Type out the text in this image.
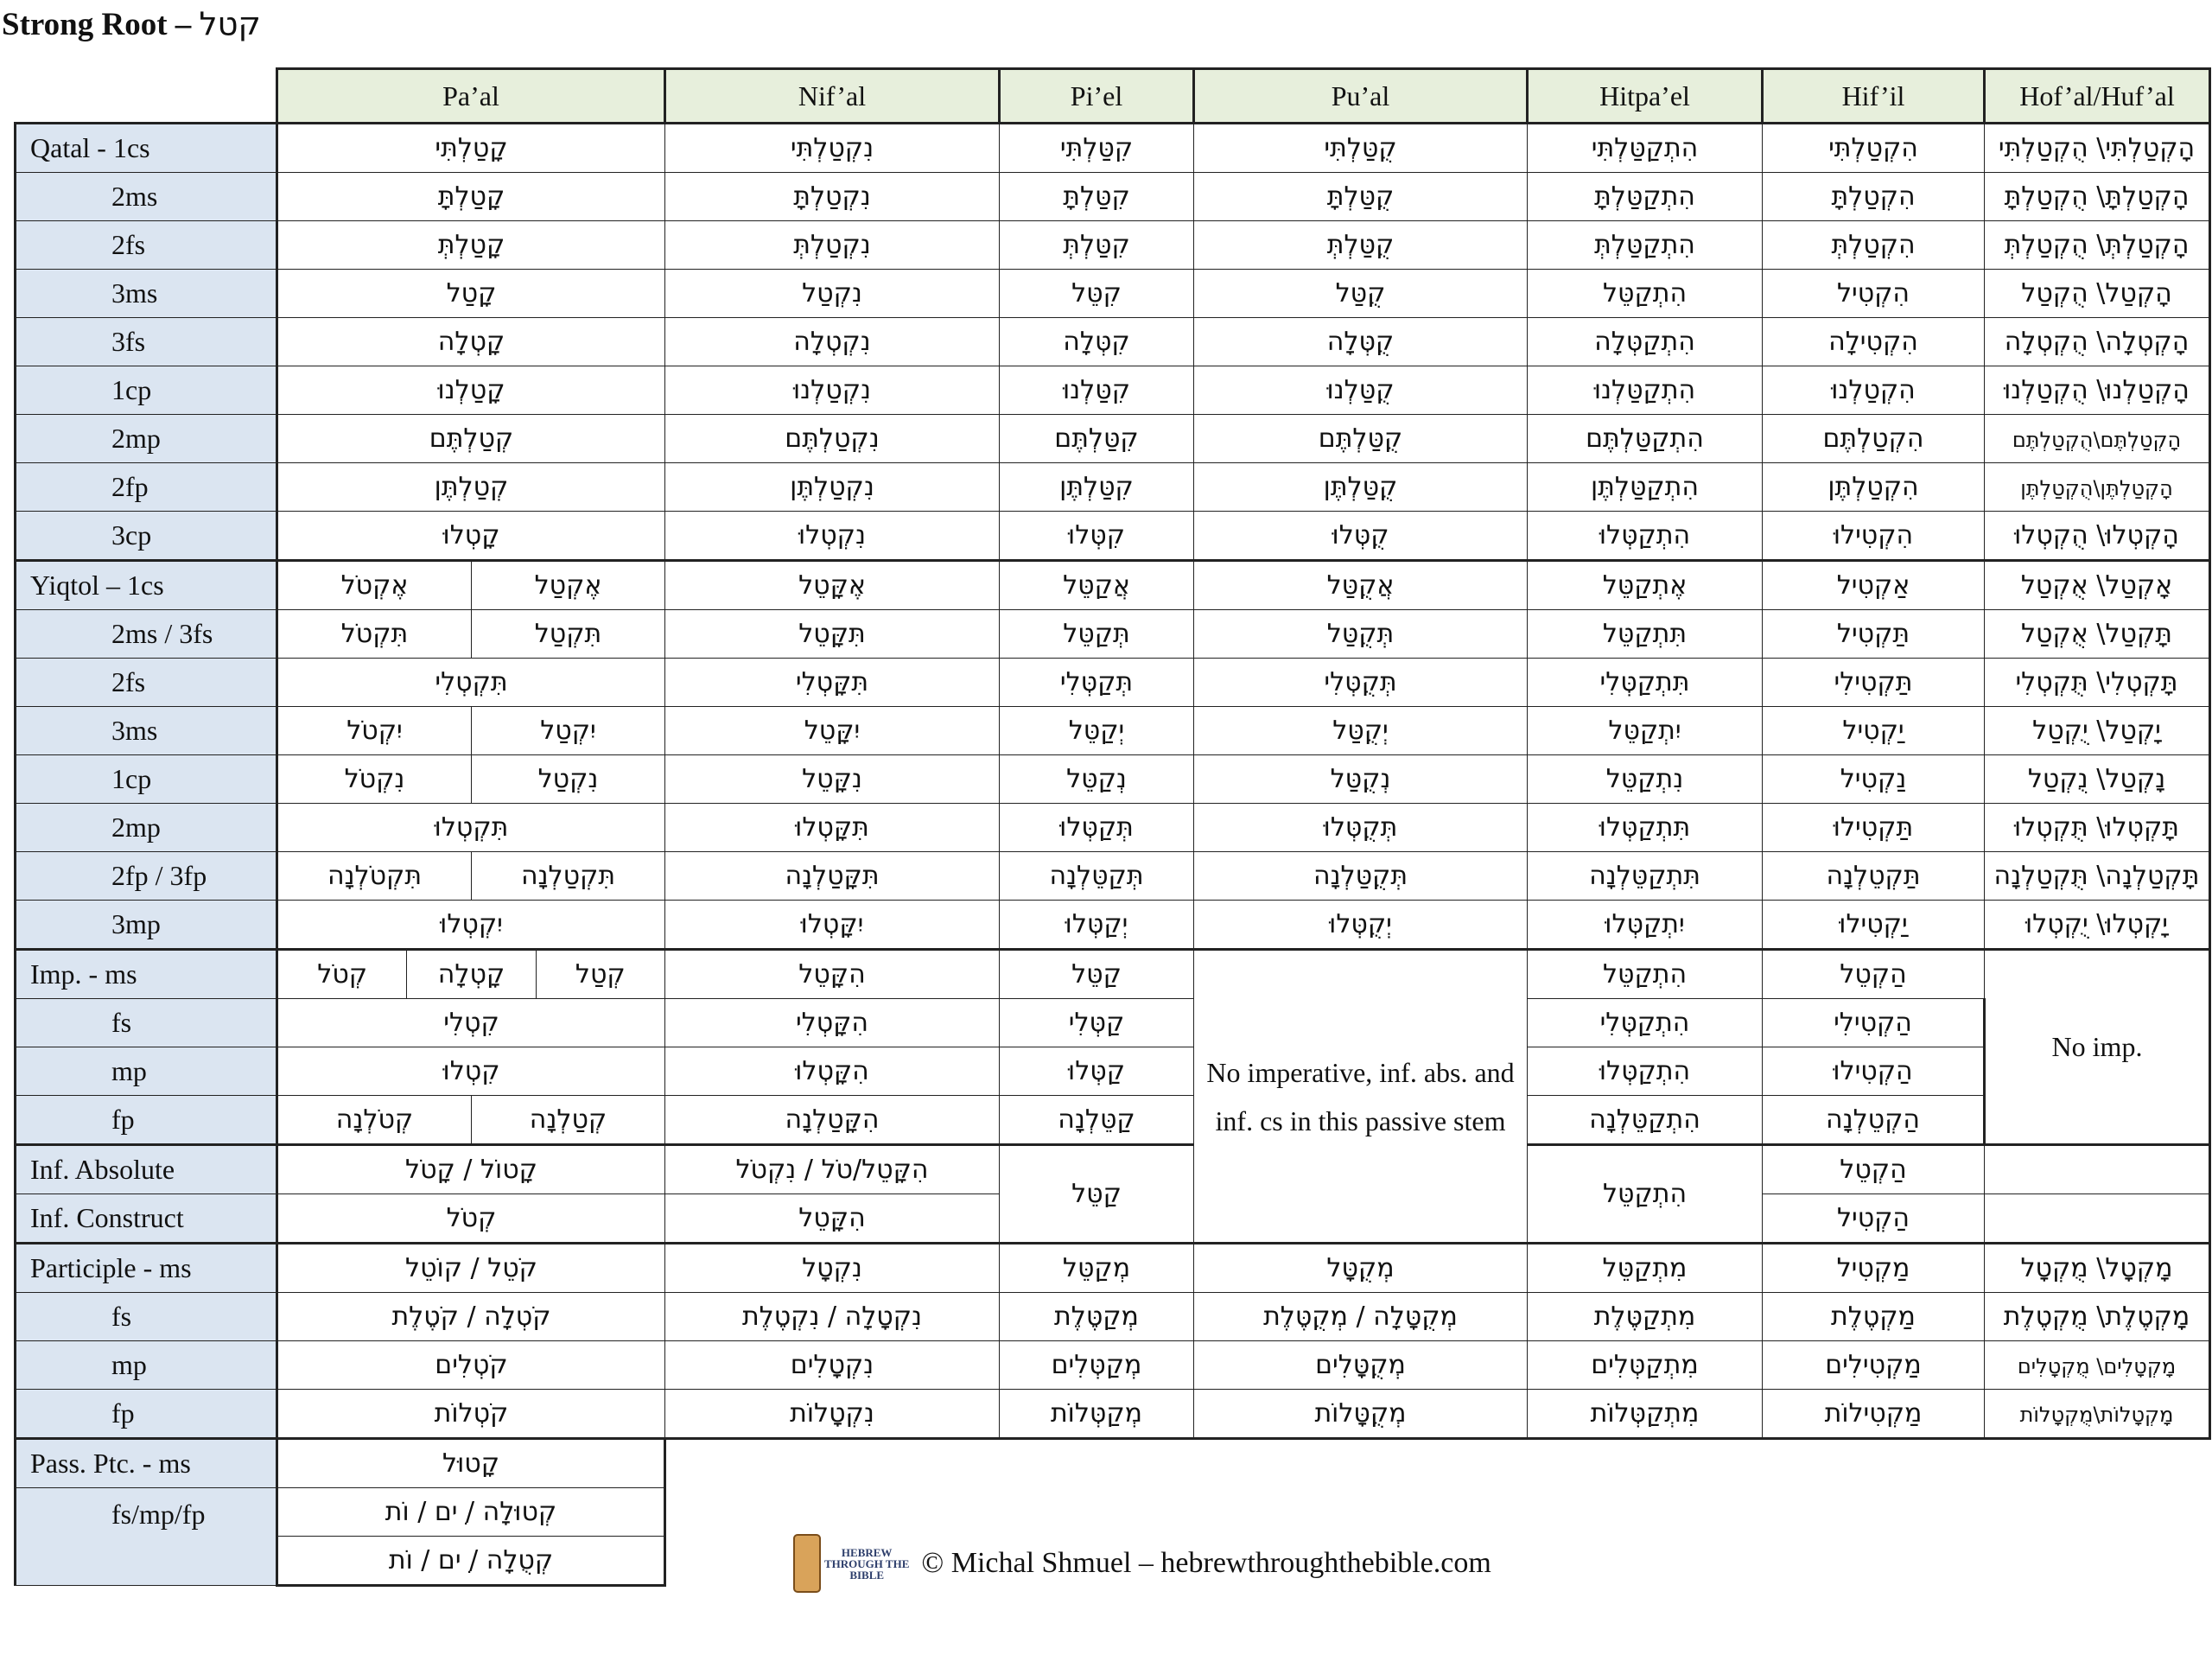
Strong Root – קטל
	Pa’al	Nif’al	Pi’el	Pu’al	Hitpa’el	Hif’il	Hof’al/Huf’al
Qatal - 1cs	קָטַלְתִּי	נִקְטַלְתִּי	קִטַּלְתִּי	קֻטַּלְתִּי	הִתְקַטַּלְתִּי	הִקְטַלְתִּי	הָקְטַלְתִּי\ הֻקְטַלְתִּי
2ms	קָטַלְתָּ	נִקְטַלְתָּ	קִטַּלְתָּ	קֻטַּלְתָּ	הִתְקַטַּלְתָּ	הִקְטַלְתָּ	הָקְטַלְתָּ\ הֻקְטַלְתָּ
2fs	קָטַלְתְּ	נִקְטַלְתְּ	קִטַּלְתְּ	קֻטַּלְתְּ	הִתְקַטַּלְתְּ	הִקְטַלְתְּ	הָקְטַלְתְּ\ הֻקְטַלְתְּ
3ms	קָטַל	נִקְטַל	קִטֵּל	קֻטַּל	הִתְקַטֵּל	הִקְטִיל	הָקְטַל\ הֻקְטַל
3fs	קָטְלָה	נִקְטְלָה	קִטְּלָה	קֻטְּלָה	הִתְקַטְּלָה	הִקְטִילָה	הָקְטְלָה\ הֻקְטְלָה
1cp	קָטַלְנוּ	נִקְטַלְנוּ	קִטַּלְנוּ	קֻטַּלְנוּ	הִתְקַטַּלְנוּ	הִקְטַלְנוּ	הָקְטַלְנוּ\ הֻקְטַלְנוּ
2mp	קְטַלְתֶּם	נִקְטַלְתֶּם	קִטַּלְתֶּם	קֻטַּלְתֶּם	הִתְקַטַּלְתֶּם	הִקְטַלְתֶּם	הָקְטַלְתֶּם\הֻקְטַלְתֶּם
2fp	קְטַלְתֶּן	נִקְטַלְתֶּן	קִטַּלְתֶּן	קֻטַּלְתֶּן	הִתְקַטַּלְתֶּן	הִקְטַלְתֶּן	הָקְטַלְתֶּן\הֻקְטַלְתֶּן
3cp	קָטְלוּ	נִקְטְלוּ	קִטְּלוּ	קֻטְּלוּ	הִתְקַטְּלוּ	הִקְטִילוּ	הָקְטְלוּ\ הֻקְטְלוּ
Yiqtol – 1cs	אֶקְטֹל אֶקְטַל	אֶקָּטֵל	אֲקַטֵּל	אֲקֻטַּל	אֶתְקַטֵּל	אַקְטִיל	אָקְטַל\ אֻקְטַל
2ms / 3fs	תִּקְטֹל תִּקְטַל	תִּקָּטֵל	תְּקַטֵּל	תְּקֻטַּל	תִּתְקַטֵּל	תַּקְטִיל	תָּקְטַל\ אֻקְטַל
2fs	תִּקְטְלִי	תִּקָּטְלִי	תְּקַטְּלִי	תְּקֻטְּלִי	תִּתְקַטְּלִי	תַּקְטִילִי	תָּקְטְלִי\ תֻּקְטְלִי
3ms	יִקְטֹל יִקְטַל	יִקָּטֵל	יְקַטֵּל	יְקֻטַּל	יִתְקַטֵּל	יַקְטִיל	יָקְטַל\ יֻקְטַל
1cp	נִקְטֹל נִקְטַל	נִקָּטֵל	נְקַטֵּל	נְקֻטַּל	נִתְקַטֵּל	נַקְטִיל	נָקְטַל\ נֻקְטַל
2mp	תִּקְטְלוּ	תִּקָּטְלוּ	תְּקַטְּלוּ	תְּקֻטְּלוּ	תִּתְקַטְּלוּ	תַּקְטִילוּ	תָּקְטְלוּ\ תֻּקְטְלוּ
2fp / 3fp	תִּקְטֹלְנָה תִּקְטַלְנָה	תִּקָּטַלְנָה	תְּקַטֵּלְנָה	תְּקֻטַּלְנָה	תִּתְקַטֵּלְנָה	תַּקְטֵלְנָה	תָּקְטַלְנָה\ תֻּקְטַלְנָה
3mp	יִקְטְלוּ	יִקָּטְלוּ	יְקַטְּלוּ	יְקֻטְּלוּ	יִתְקַטְּלוּ	יַקְטִילוּ	יָקְטְלוּ\ יֻקְטְלוּ
Imp. - ms	קְטֹל קָטְלָה קְטַל	הִקָּטֵל	קַטֵּל	No imperative, inf. abs. and inf. cs in this passive stem	הִתְקַטֵּל	הַקְטֵל	No imp.
fs	קִטְלִי	הִקָּטְלִי	קַטְּלִי		הִתְקַטְּלִי	הַקְטִילִי	
mp	קִטְלוּ	הִקָּטְלוּ	קַטְּלוּ		הִתְקַטְּלוּ	הַקְטִילוּ	
fp	קְטֹלְנָה קְטַלְנָה	הִקָּטַלְנָה	קַטֵּלְנָה		הִתְקַטֵּלְנָה	הַקְטֵלְנָה	
Inf. Absolute	קָטוֹל / קָטֹל	הִקָּטֵל/טֹל / נִקְטֹל	קַטֵּל		הִתְקַטֵּל	הַקְטֵל	
Inf. Construct	קְטֹל	הִקָּטֵל				הַקְטִיל	
Participle - ms	קֹטֵל / קוֹטֵל	נִקְטָל	מְקַטֵּל	מְקֻטָּל	מִתְקַטֵּל	מַקְטִיל	מָקְטָל\ מֻקְטָל
fs	קֹטְלָה / קֹטֶלֶת	נִקְטָלָה / נִקְטֶלֶת	מְקַטֶּלֶת	מְקֻטָּלָה / מְקֻטֶּלֶת	מִתְקַטֶּלֶת	מַקְטֶלֶת	מָקְטֶלֶת\ מֻקְטֶלֶת
mp	קֹטְלִים	נִקְטָלִים	מְקַטְּלִים	מְקֻטָּלִים	מִתְקַטְּלִים	מַקְטִילִים	מָקְטָלִים\ מֻקְטָלִים
fp	קֹטְלוֹת	נִקְטָלוֹת	מְקַטְּלוֹת	מְקֻטָּלוֹת	מִתְקַטְּלוֹת	מַקְטִילוֹת	מָקְטָלוֹת\מֻקְטָלוֹת
Pass. Ptc. - ms	קָטוּל						
fs/mp/fp	קְטוּלָה / ִים / וֹת						
	קְטֻלָה / ִים / וֹת							HEBREW
THROUGH THE
BIBLE	© Michal Shmuel – hebrewthroughthebible.com
